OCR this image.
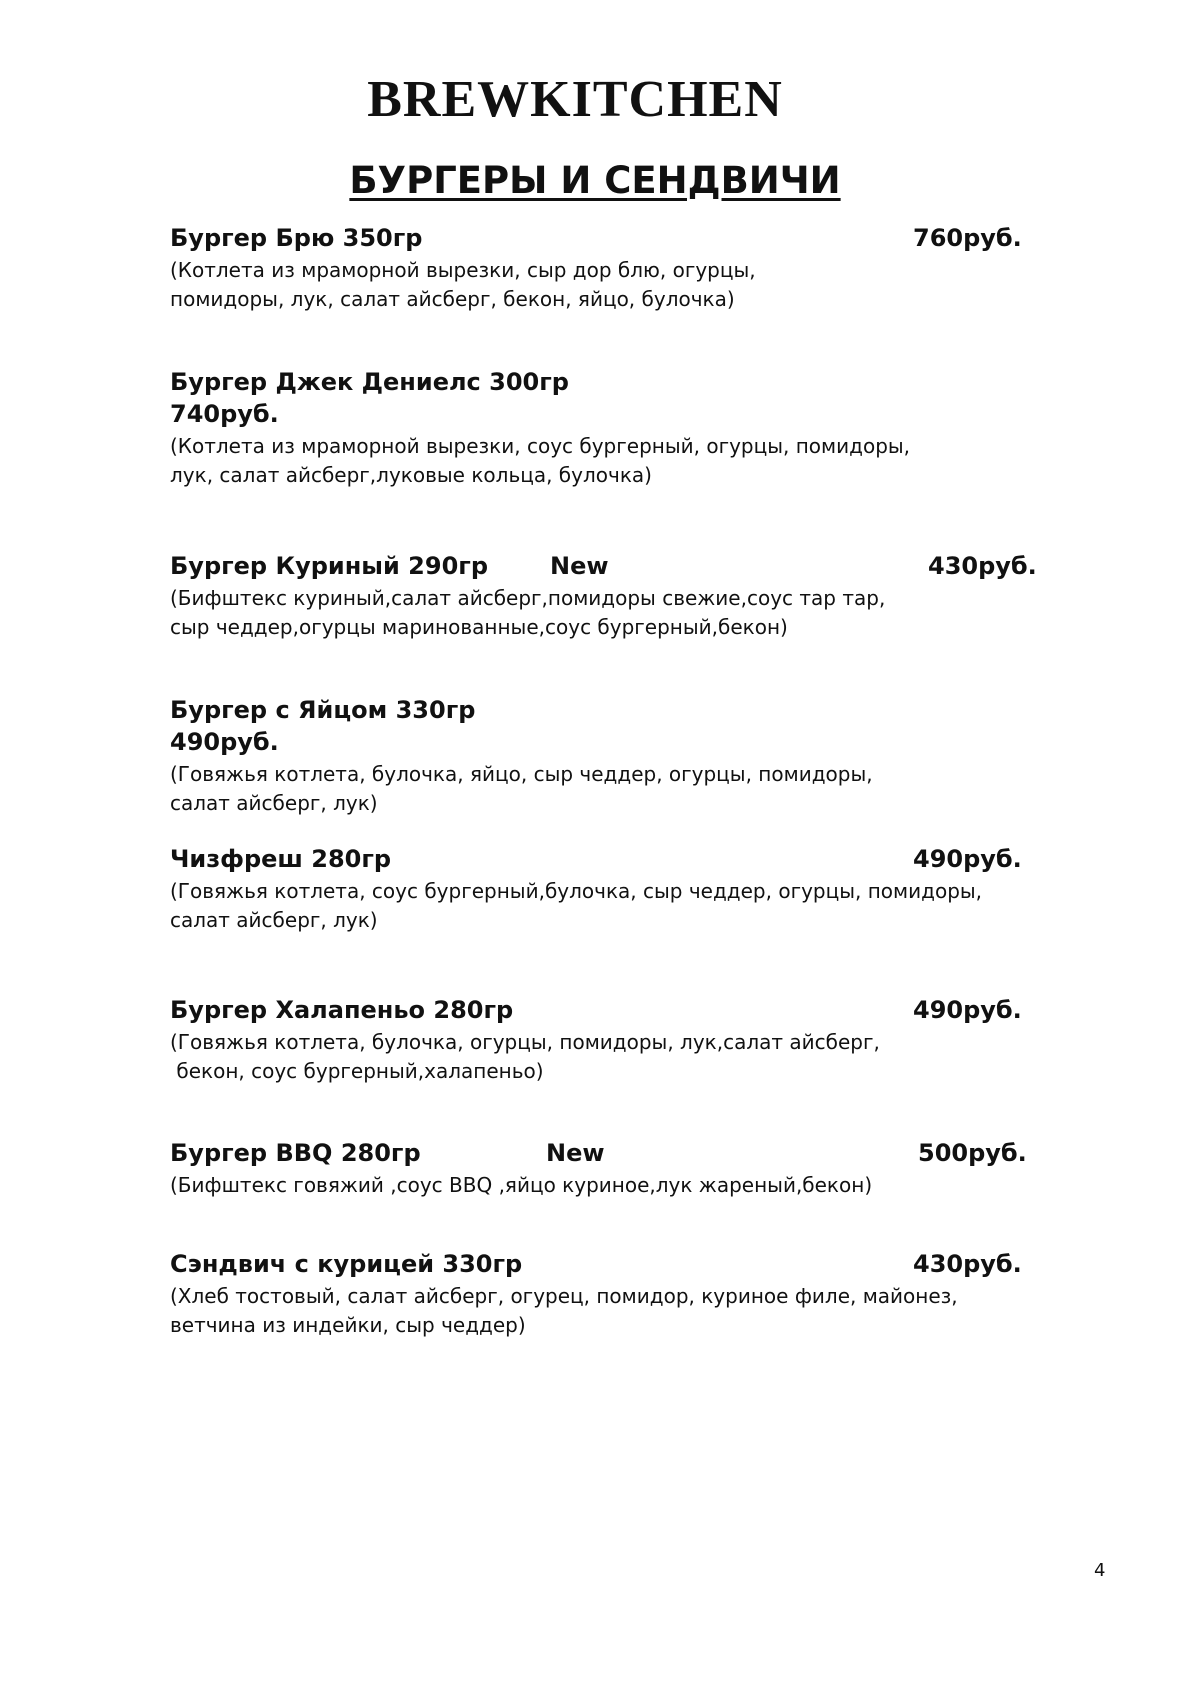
BREWKITCHEN
БУРГЕРЫ И СЕНДВИЧИ
Бургер Брю 350гр	760руб.
(Котлета из мраморной вырезки, сыр дор блю, огурцы,
помидоры, лук, салат айсберг, бекон, яйцо, булочка)
Бургер Джек Дениелс 300гр
740руб.
(Котлета из мраморной вырезки, соус бургерный, огурцы, помидоры,
лук, салат айсберг,луковые кольца, булочка)
Бургер Куриный 290гр	New	430руб.
(Бифштекс куриный,салат айсберг,помидоры свежие,соус тар тар,
сыр чеддер,огурцы маринованные,соус бургерный,бекон)
Бургер с Яйцом 330гр
490руб.
(Говяжья котлета, булочка, яйцо, сыр чеддер, огурцы, помидоры,
салат айсберг, лук)
Чизфреш 280гр	490руб.
(Говяжья котлета, соус бургерный,булочка, сыр чеддер, огурцы, помидоры,
салат айсберг, лук)
Бургер Халапеньо 280гр	490руб.
(Говяжья котлета, булочка, огурцы, помидоры, лук,салат айсберг,
бекон, соус бургерный,халапеньо)
Бургер BBQ 280гр	New	500руб.
(Бифштекс говяжий ,соус BBQ ,яйцо куриное,лук жареный,бекон)
Сэндвич с курицей 330гр	430руб.
(Хлеб тостовый, салат айсберг, огурец, помидор, куриное филе, майонез,
ветчина из индейки, сыр чеддер)
4
